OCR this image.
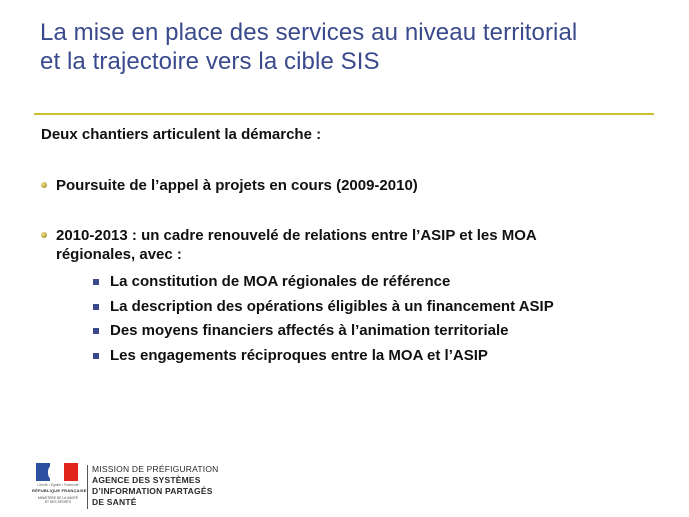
La mise en place des services au niveau territorial
et la trajectoire vers la cible SIS
Deux chantiers articulent la démarche :
Poursuite de l’appel à projets en cours (2009-2010)
2010-2013 : un cadre renouvelé de relations entre l’ASIP et les MOA
régionales, avec :
La constitution de MOA régionales de référence
La description des opérations éligibles à un financement ASIP
Des moyens financiers affectés à l’animation territoriale
Les engagements réciproques entre la MOA et l’ASIP
Liberté • Égalité • Fraternité
RÉPUBLIQUE FRANÇAISE
MINISTÈRE DE LA SANTÉ
ET DES SPORTS
MISSION DE PRÉFIGURATION
AGENCE DES SYSTÈMES
D’INFORMATION PARTAGÉS
DE SANTÉ
